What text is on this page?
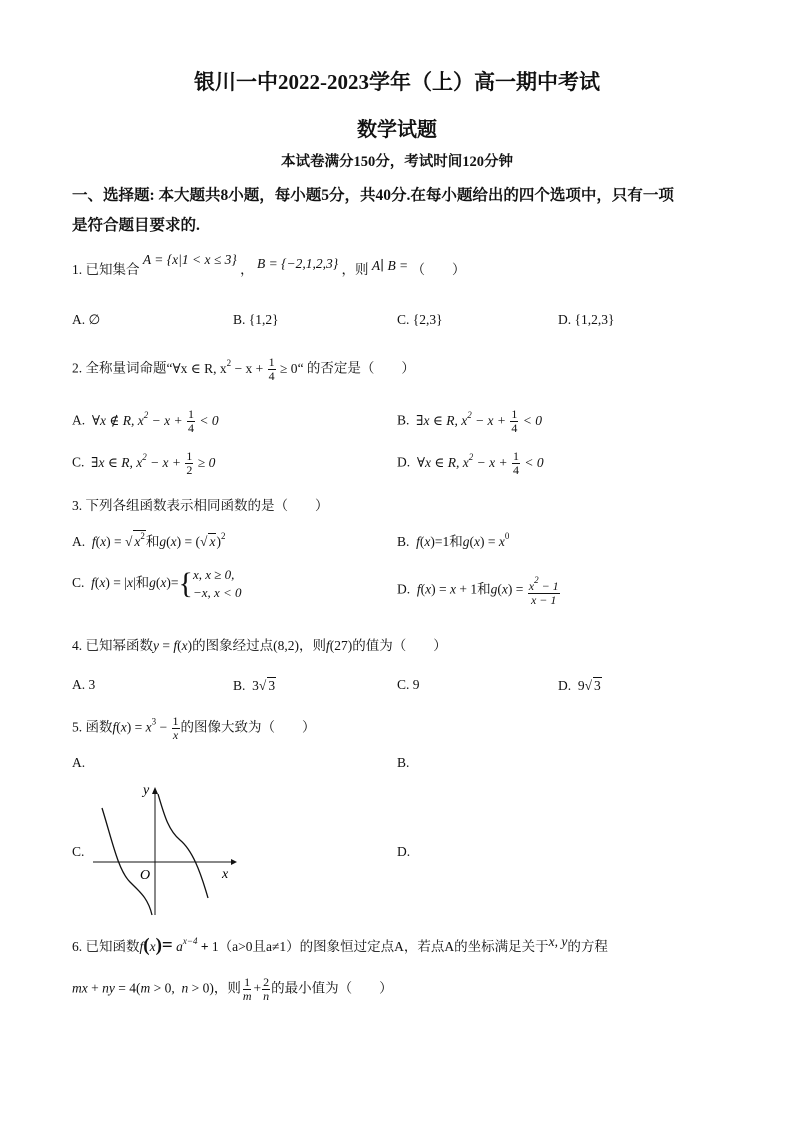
银川一中2022-2023学年（上）高一期中考试
数学试题
本试卷满分150分，考试时间120分钟
一、选择题: 本大题共8小题，每小题5分，共40分.在每小题给出的四个选项中，只有一项
是符合题目要求的.
1. 已知集合 A = {x|1 < x ≤ 3} ， B = {−2,1,2,3} ，则 A∣ B = （　　）
A. ∅	B. {1,2}	C. {2,3}	D. {1,2,3}
2. 全称量词命题“∀x ∈ R, $x^2 - x + \frac{1}{4}$ ≥ 0“ 的否定是（　　）
A. ∀x ∉ R, $x^2 - x + \frac{1}{4} < 0$	B. ∃x ∈ R, $x^2 - x + \frac{1}{4} < 0$
C. ∃x ∈ R, $x^2 - x + \frac{1}{2} \ge 0$	D. ∀x ∈ R, $x^2 - x + \frac{1}{4} < 0$
3. 下列各组函数表示相同函数的是（　　）
A. f(x) = √ $x^2$和g(x) = (√ x)$^2$	B. f(x)=1和$g(x) = x^0$
C. f(x) = |x|和g(x)={ x, x ≥ 0,
−x, x < 0	D. f(x) = x + 1和$g(x) = \frac{x^2 - 1}{x - 1}$
4. 已知幂函数y = f(x)的图象经过点(8,2)，则f(27)的值为（　　）
A. 3	B.  3√ 3	C. 9	D.  9√ 3
5. 函数$f(x) = x^3 - \frac{1}{x}$ 的图像大致为（　　）
A.	B.
C.	D.
y
x
O
6. 已知函数$f(x)= a^{x-4} + 1(a>0$且a≠1）的图象恒过定点A，若点A的坐标满足关于x, y的方程
mx + ny = 4(m > 0,  n > 0)，则 $\frac{1}{m} + \frac{2}{n}$ 的最小值为（　　）
